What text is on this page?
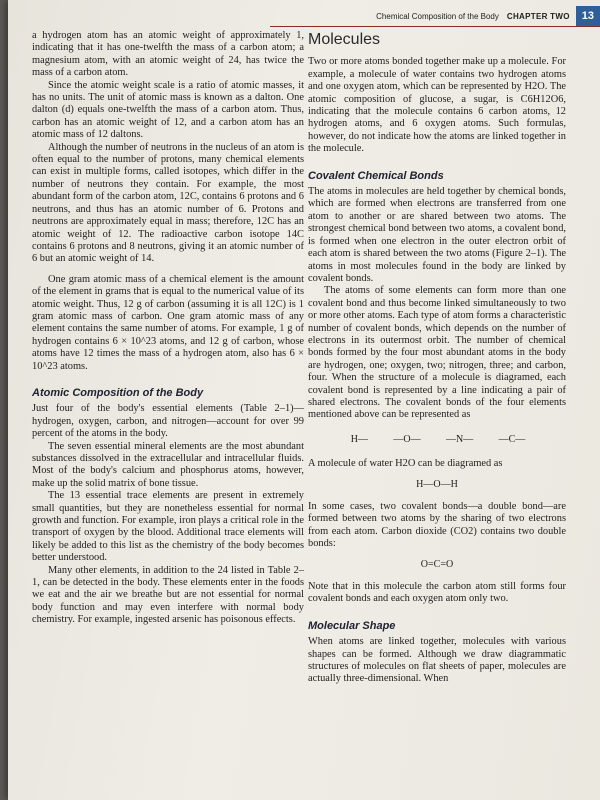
Chemical Composition of the Body CHAPTER TWO	13

a hydrogen atom has an atomic weight of approximately 1, indicating that it has one-twelfth the mass of a carbon atom; a magnesium atom, with an atomic weight of 24, has twice the mass of a carbon atom.

Since the atomic weight scale is a ratio of atomic masses, it has no units. The unit of atomic mass is known as a dalton. One dalton (d) equals one-twelfth the mass of a carbon atom. Thus, carbon has an atomic weight of 12, and a carbon atom has an atomic mass of 12 daltons.

Although the number of neutrons in the nucleus of an atom is often equal to the number of protons, many chemical elements can exist in multiple forms, called isotopes, which differ in the number of neutrons they contain. For example, the most abundant form of the carbon atom, 12C, contains 6 protons and 6 neutrons, and thus has an atomic number of 6. Protons and neutrons are approximately equal in mass; therefore, 12C has an atomic weight of 12. The radioactive carbon isotope 14C contains 6 protons and 8 neutrons, giving it an atomic number of 6 but an atomic weight of 14.

One gram atomic mass of a chemical element is the amount of the element in grams that is equal to the numerical value of its atomic weight. Thus, 12 g of carbon (assuming it is all 12C) is 1 gram atomic mass of carbon. One gram atomic mass of any element contains the same number of atoms. For example, 1 g of hydrogen contains 6 × 10^23 atoms, and 12 g of carbon, whose atoms have 12 times the mass of a hydrogen atom, also has 6 × 10^23 atoms.

Atomic Composition of the Body

Just four of the body's essential elements (Table 2–1)—hydrogen, oxygen, carbon, and nitrogen—account for over 99 percent of the atoms in the body.

The seven essential mineral elements are the most abundant substances dissolved in the extracellular and intracellular fluids. Most of the body's calcium and phosphorus atoms, however, make up the solid matrix of bone tissue.

The 13 essential trace elements are present in extremely small quantities, but they are nonetheless essential for normal growth and function. For example, iron plays a critical role in the transport of oxygen by the blood. Additional trace elements will likely be added to this list as the chemistry of the body becomes better understood.

Many other elements, in addition to the 24 listed in Table 2–1, can be detected in the body. These elements enter in the foods we eat and the air we breathe but are not essential for normal body function and may even interfere with normal body chemistry. For example, ingested arsenic has poisonous effects.

Molecules

Two or more atoms bonded together make up a molecule. For example, a molecule of water contains two hydrogen atoms and one oxygen atom, which can be represented by H2O. The atomic composition of glucose, a sugar, is C6H12O6, indicating that the molecule contains 6 carbon atoms, 12 hydrogen atoms, and 6 oxygen atoms. Such formulas, however, do not indicate how the atoms are linked together in the molecule.

Covalent Chemical Bonds

The atoms in molecules are held together by chemical bonds, which are formed when electrons are transferred from one atom to another or are shared between two atoms. The strongest chemical bond between two atoms, a covalent bond, is formed when one electron in the outer electron orbit of each atom is shared between the two atoms (Figure 2–1). The atoms in most molecules found in the body are linked by covalent bonds.

The atoms of some elements can form more than one covalent bond and thus become linked simultaneously to two or more other atoms. Each type of atom forms a characteristic number of covalent bonds, which depends on the number of electrons in its outermost orbit. The number of chemical bonds formed by the four most abundant atoms in the body are hydrogen, one; oxygen, two; nitrogen, three; and carbon, four. When the structure of a molecule is diagramed, each covalent bond is represented by a line indicating a pair of shared electrons. The covalent bonds of the four elements mentioned above can be represented as

H—	—O—	—N—	—C—

A molecule of water H2O can be diagramed as

H—O—H

In some cases, two covalent bonds—a double bond—are formed between two atoms by the sharing of two electrons from each atom. Carbon dioxide (CO2) contains two double bonds:

O=C=O

Note that in this molecule the carbon atom still forms four covalent bonds and each oxygen atom only two.

Molecular Shape

When atoms are linked together, molecules with various shapes can be formed. Although we draw diagrammatic structures of molecules on flat sheets of paper, molecules are actually three-dimensional. When
